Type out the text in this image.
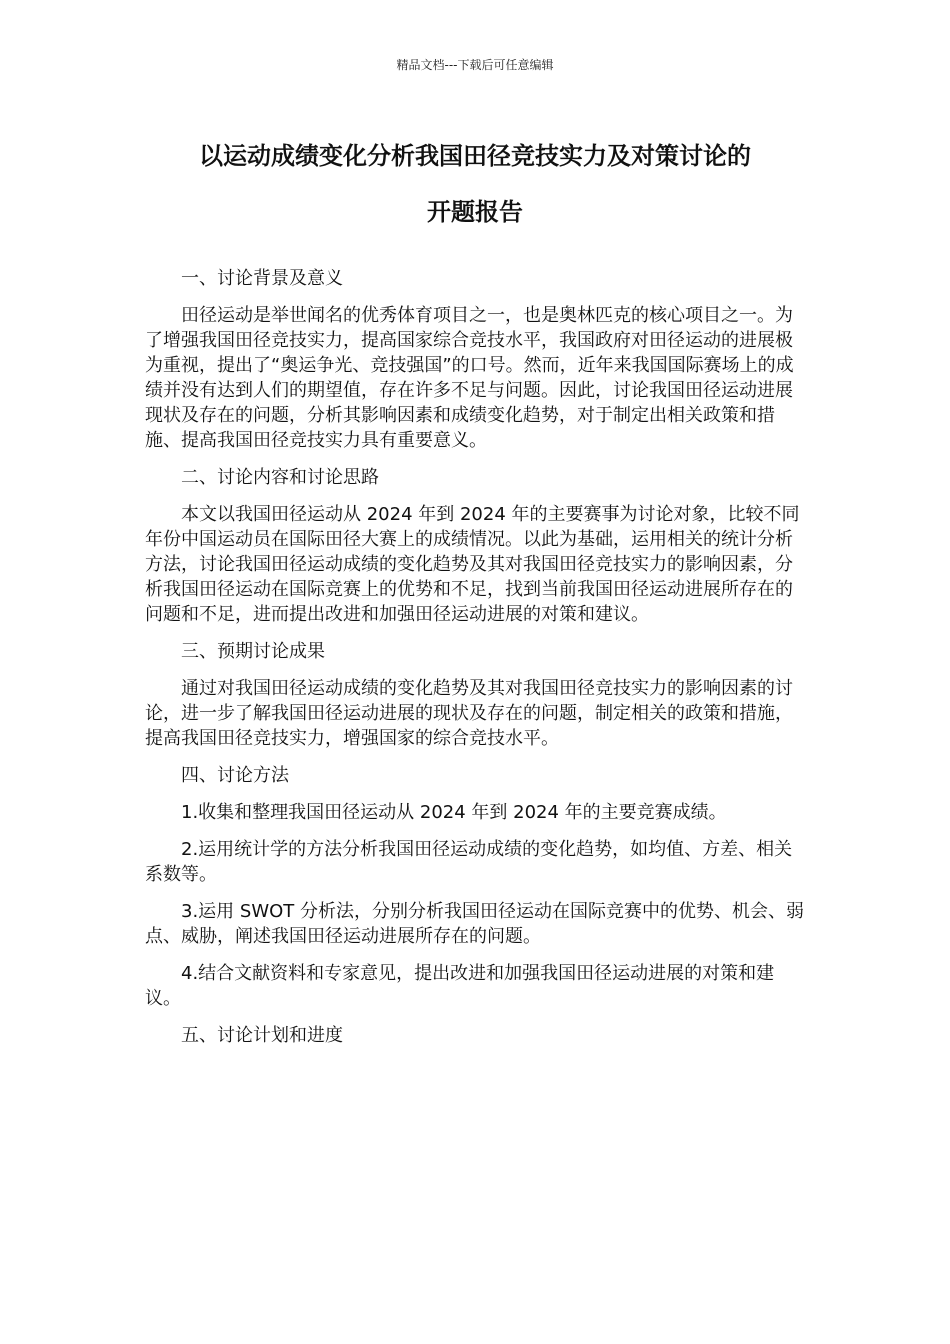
精品文档---下载后可任意编辑
以运动成绩变化分析我国田径竞技实力及对策讨论的
开题报告

一、讨论背景及意义

田径运动是举世闻名的优秀体育项目之一，也是奥林匹克的核心项目之一。为了增强我国田径竞技实力，提高国家综合竞技水平，我国政府对田径运动的进展极为重视，提出了“奥运争光、竞技强国”的口号。然而，近年来我国国际赛场上的成绩并没有达到人们的期望值，存在许多不足与问题。因此，讨论我国田径运动进展现状及存在的问题，分析其影响因素和成绩变化趋势，对于制定出相关政策和措施、提高我国田径竞技实力具有重要意义。

二、讨论内容和讨论思路

本文以我国田径运动从 2024 年到 2024 年的主要赛事为讨论对象，比较不同年份中国运动员在国际田径大赛上的成绩情况。以此为基础，运用相关的统计分析方法，讨论我国田径运动成绩的变化趋势及其对我国田径竞技实力的影响因素，分析我国田径运动在国际竞赛上的优势和不足，找到当前我国田径运动进展所存在的问题和不足，进而提出改进和加强田径运动进展的对策和建议。

三、预期讨论成果

通过对我国田径运动成绩的变化趋势及其对我国田径竞技实力的影响因素的讨论，进一步了解我国田径运动进展的现状及存在的问题，制定相关的政策和措施，提高我国田径竞技实力，增强国家的综合竞技水平。

四、讨论方法

1.收集和整理我国田径运动从 2024 年到 2024 年的主要竞赛成绩。

2.运用统计学的方法分析我国田径运动成绩的变化趋势，如均值、方差、相关系数等。

3.运用 SWOT 分析法，分别分析我国田径运动在国际竞赛中的优势、机会、弱点、威胁，阐述我国田径运动进展所存在的问题。

4.结合文献资料和专家意见，提出改进和加强我国田径运动进展的对策和建议。

五、讨论计划和进度
